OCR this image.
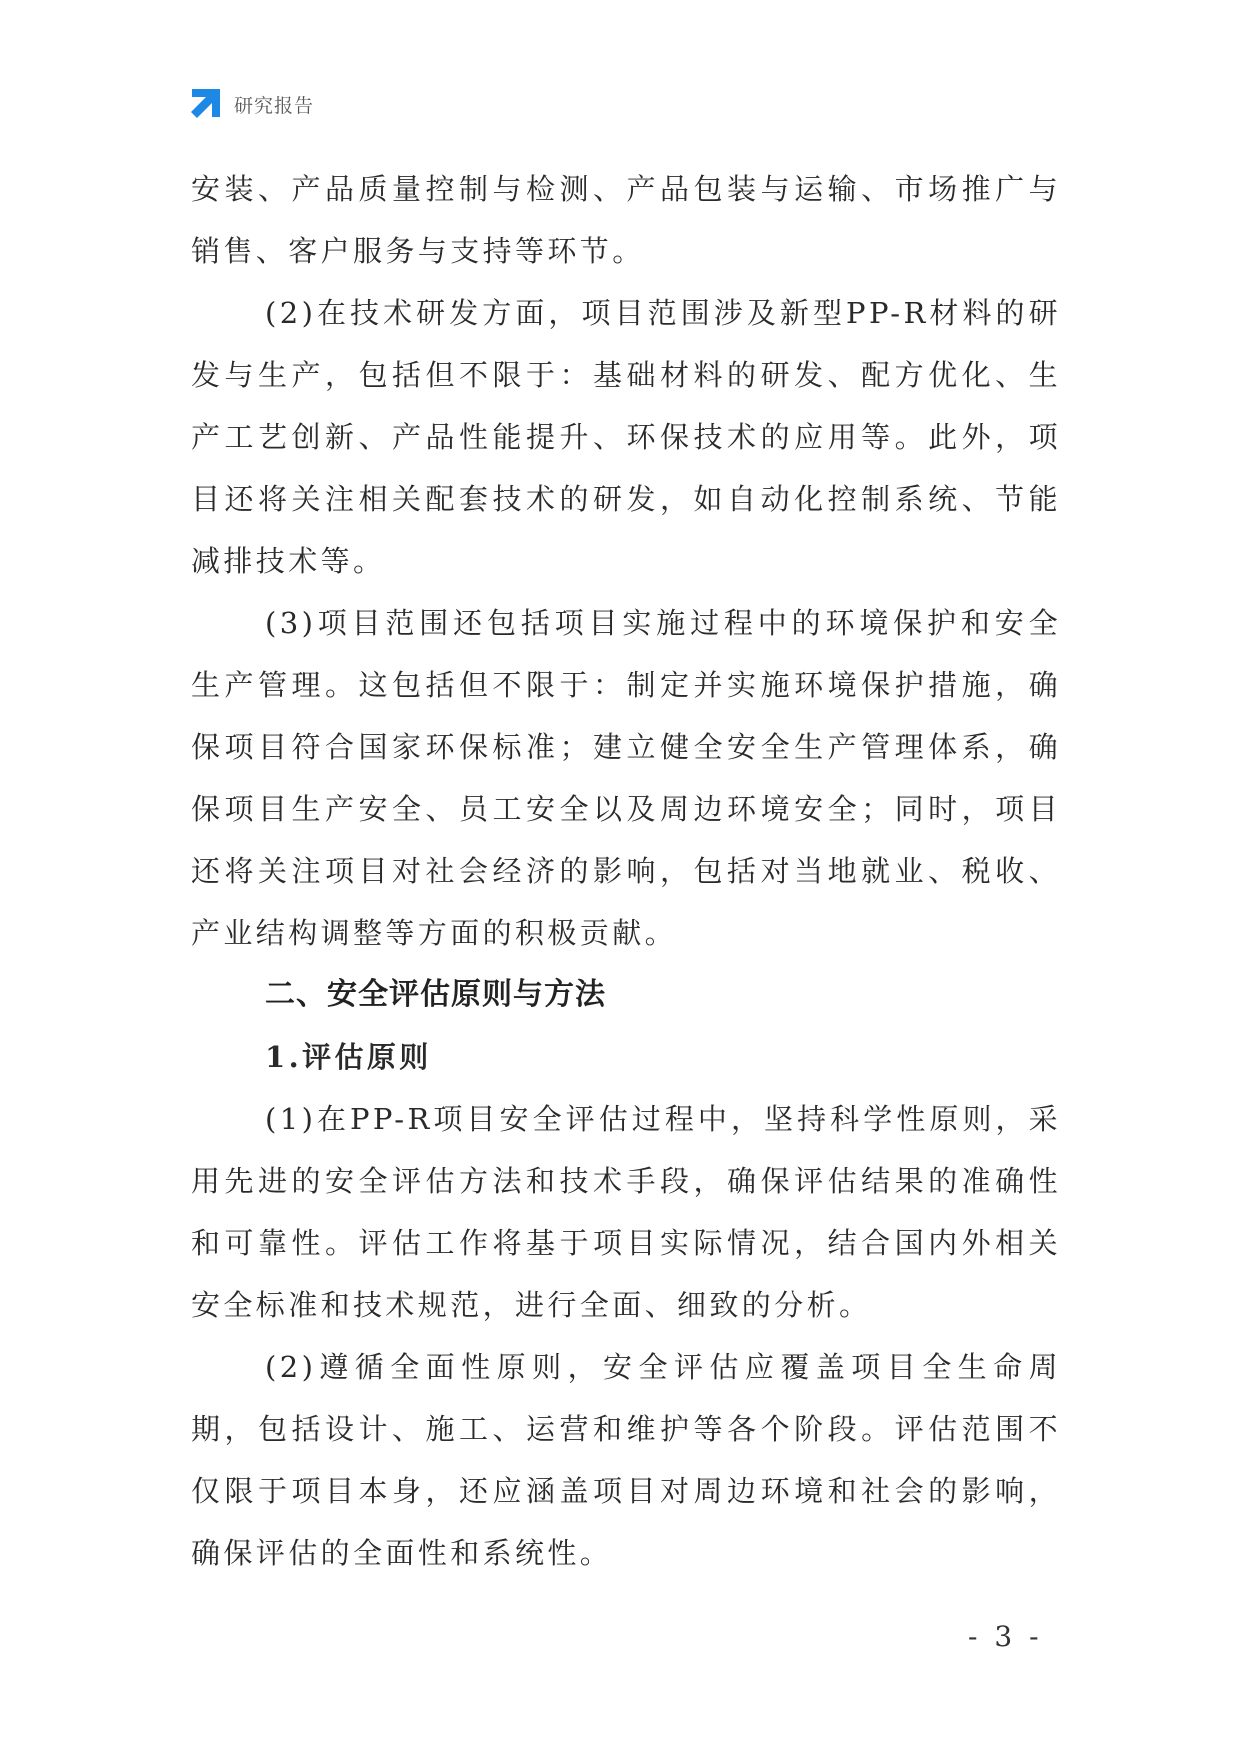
研究报告

安装、产品质量控制与检测、产品包装与运输、市场推广与销售、客户服务与支持等环节。

(2)在技术研发方面，项目范围涉及新型PP-R材料的研发与生产，包括但不限于：基础材料的研发、配方优化、生产工艺创新、产品性能提升、环保技术的应用等。此外，项目还将关注相关配套技术的研发，如自动化控制系统、节能减排技术等。

(3)项目范围还包括项目实施过程中的环境保护和安全生产管理。这包括但不限于：制定并实施环境保护措施，确保项目符合国家环保标准；建立健全安全生产管理体系，确保项目生产安全、员工安全以及周边环境安全；同时，项目还将关注项目对社会经济的影响，包括对当地就业、税收、产业结构调整等方面的积极贡献。

二、安全评估原则与方法
1.评估原则

(1)在PP-R项目安全评估过程中，坚持科学性原则，采用先进的安全评估方法和技术手段，确保评估结果的准确性和可靠性。评估工作将基于项目实际情况，结合国内外相关安全标准和技术规范，进行全面、细致的分析。

(2)遵循全面性原则，安全评估应覆盖项目全生命周期，包括设计、施工、运营和维护等各个阶段。评估范围不仅限于项目本身，还应涵盖项目对周边环境和社会的影响，确保评估的全面性和系统性。

- 3 -
